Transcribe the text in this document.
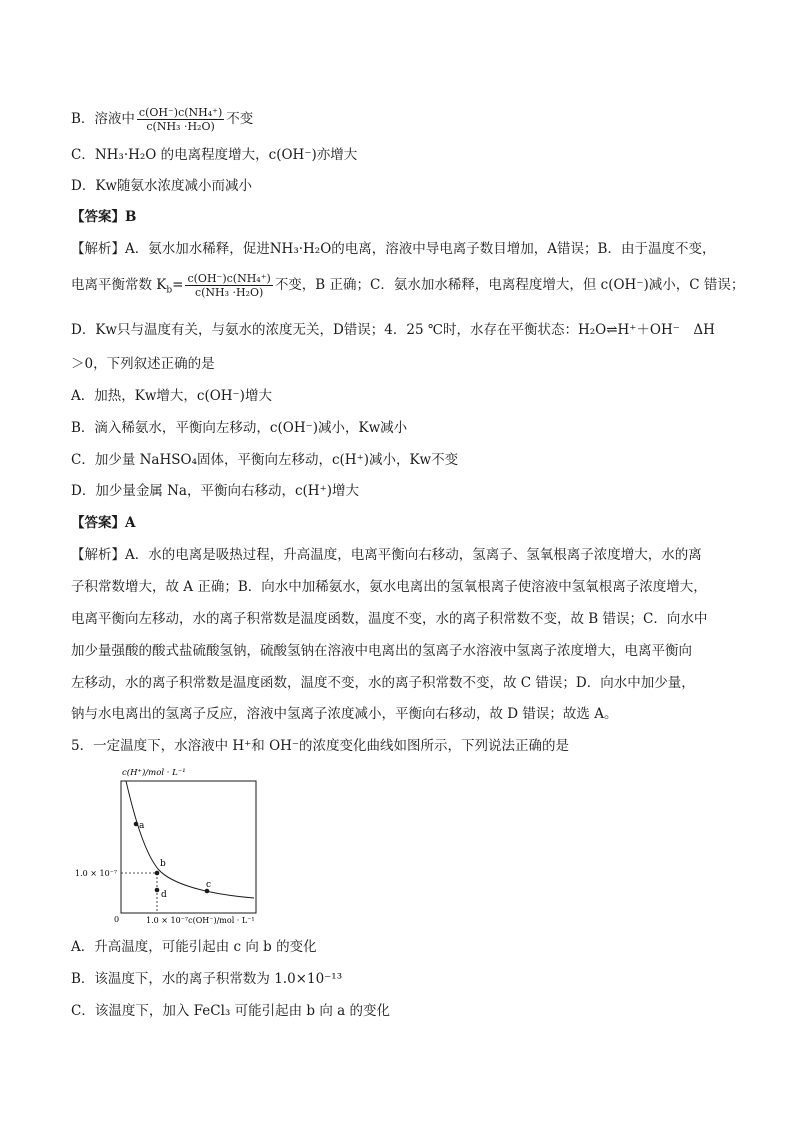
B．溶液中 $\frac{\text{c(OH⁻)c(NH₄⁺)}}{\text{c(NH₃ ·H₂O)}}$ 不变
C．NH₃·H₂O 的电离程度增大，c(OH⁻)亦增大
D．Kw随氨水浓度减小而减小
【答案】B
【解析】A．氨水加水稀释，促进NH₃·H₂O的电离，溶液中导电离子数目增加，A错误；B．由于温度不变，
电离平衡常数 $K_b= \frac{\text{c(OH⁻)c(NH₄⁺)}}{\text{c(NH₃ ·H₂O)}}$ 不变，B 正确；C．氨水加水稀释，电离程度增大，但 c(OH⁻)减小，C 错误；
D．Kw只与温度有关，与氨水的浓度无关，D错误；4．25 ℃时，水存在平衡状态：H₂O⇌H⁺＋OH⁻　ΔH
＞0，下列叙述正确的是
A．加热，Kw增大，c(OH⁻)增大
B．滴入稀氨水，平衡向左移动，c(OH⁻)减小，Kw减小
C．加少量 NaHSO₄固体，平衡向左移动，c(H⁺)减小，Kw不变
D．加少量金属 Na，平衡向右移动，c(H⁺)增大
【答案】A
【解析】A．水的电离是吸热过程，升高温度，电离平衡向右移动，氢离子、氢氧根离子浓度增大，水的离
子积常数增大，故 A 正确；B．向水中加稀氨水，氨水电离出的氢氧根离子使溶液中氢氧根离子浓度增大，
电离平衡向左移动，水的离子积常数是温度函数，温度不变，水的离子积常数不变，故 B 错误；C．向水中
加少量强酸的酸式盐硫酸氢钠，硫酸氢钠在溶液中电离出的氢离子水溶液中氢离子浓度增大，电离平衡向
左移动，水的离子积常数是温度函数，温度不变，水的离子积常数不变，故 C 错误；D．向水中加少量，
钠与水电离出的氢离子反应，溶液中氢离子浓度减小，平衡向右移动，故 D 错误；故选 A。
5．一定温度下，水溶液中 H⁺和 OH⁻的浓度变化曲线如图所示，下列说法正确的是
c(H⁺)/mol · L⁻¹
a
b
c
d
1.0 × 10⁻⁷
0	1.0 × 10⁻⁷c(OH⁻)/mol · L⁻¹
A．升高温度，可能引起由 c 向 b 的变化
B．该温度下，水的离子积常数为 1.0×10⁻¹³
C．该温度下，加入 FeCl₃ 可能引起由 b 向 a 的变化
